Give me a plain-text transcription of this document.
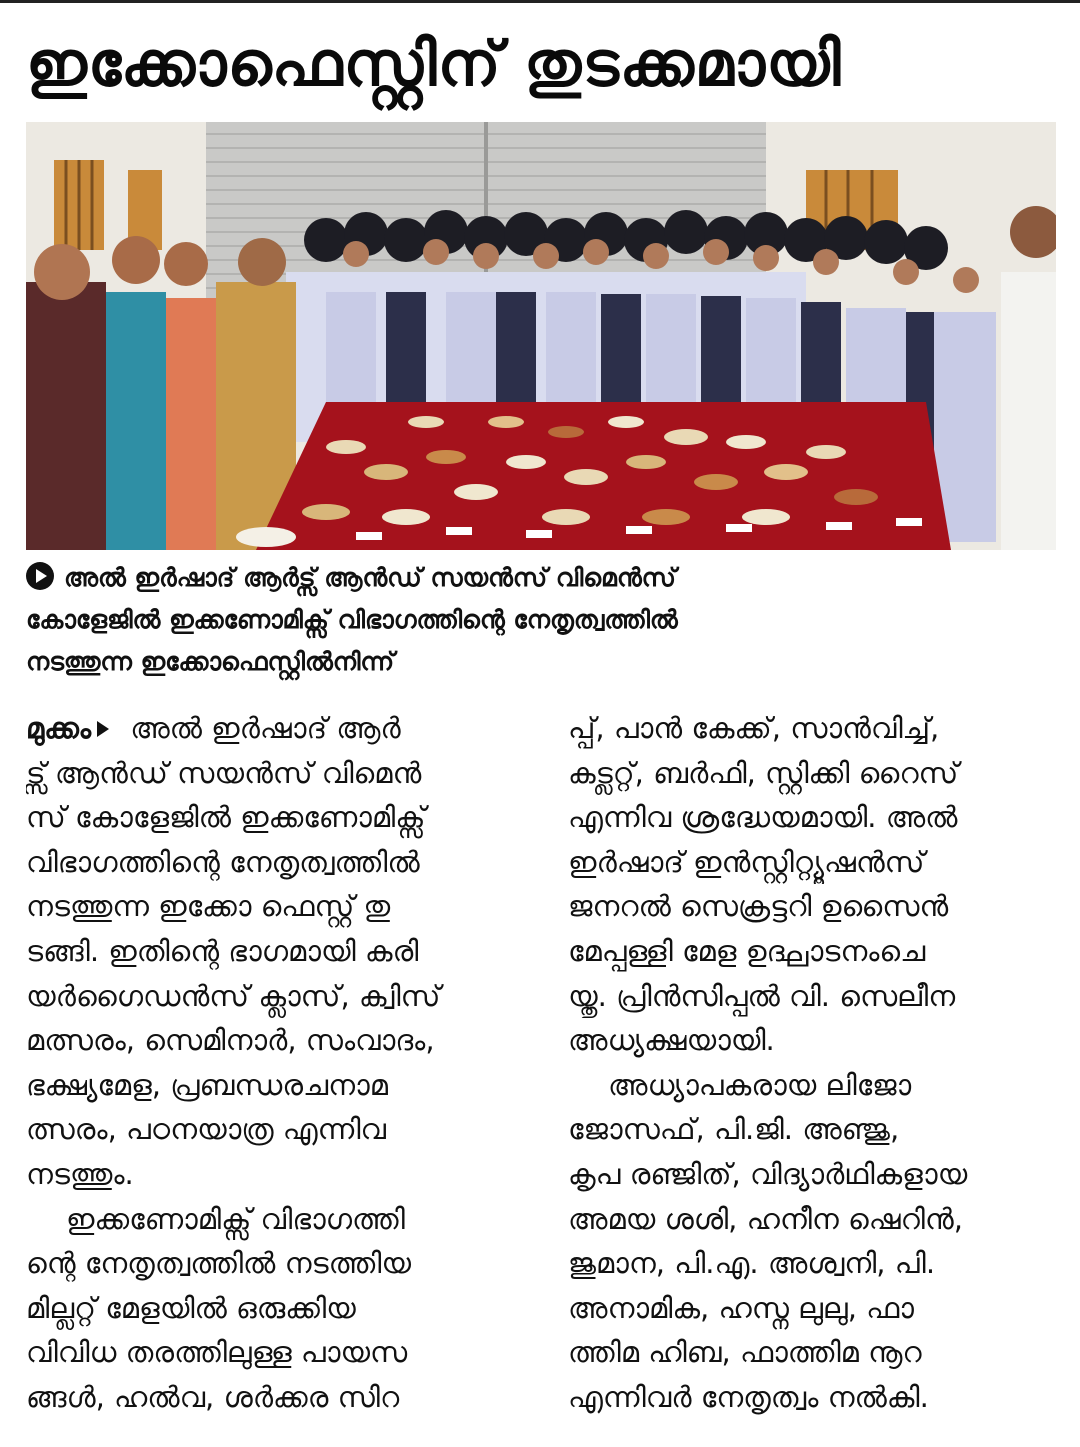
ഇക്കോഫെസ്റ്റിന് തുടക്കമായി
അൽ ഇർഷാദ് ആർട്സ് ആൻഡ് സയൻസ് വിമെൻസ്
കോളേജിൽ ഇക്കണോമിക്സ് വിഭാഗത്തിന്റെ നേതൃത്വത്തിൽ
നടത്തുന്ന ഇക്കോഫെസ്റ്റിൽനിന്ന്
മുക്കം അൽ ഇർഷാദ് ആർ
ട്സ് ആൻഡ് സയൻസ് വിമെൻ
സ് കോളേജിൽ ഇക്കണോമിക്സ്
വിഭാഗത്തിന്റെ നേതൃത്വത്തിൽ
നടത്തുന്ന ഇക്കോ ഫെസ്റ്റ് തു
ടങ്ങി. ഇതിന്റെ ഭാഗമായി കരി
യർഗൈഡൻസ് ക്ലാസ്, ക്വിസ്
മത്സരം, സെമിനാർ, സംവാദം,
ഭക്ഷ്യമേള, പ്രബന്ധരചനാമ
ത്സരം, പഠനയാത്ര എന്നിവ
നടത്തും.
ഇക്കണോമിക്സ് വിഭാഗത്തി
ന്റെ നേതൃത്വത്തിൽ നടത്തിയ
മില്ലറ്റ് മേളയിൽ ഒരുക്കിയ
വിവിധ തരത്തിലുള്ള പായസ
ങ്ങൾ, ഹൽവ, ശർക്കര സിറ
പ്പ്, പാൻ കേക്ക്, സാൻവിച്ച്,
കട്ലറ്റ്, ബർഫി, സ്റ്റിക്കി റൈസ്
എന്നിവ ശ്രദ്ധേയമായി. അൽ
ഇർഷാദ് ഇൻസ്റ്റിറ്റ്യൂഷൻസ്
ജനറൽ സെക്രട്ടറി ഉസൈൻ
മേപ്പള്ളി മേള ഉദ്ഘാടനംചെ
യ്തു. പ്രിൻസിപ്പൽ വി. സെലീന
അധ്യക്ഷയായി.
അധ്യാപകരായ ലിജോ
ജോസഫ്, പി.ജി. അഞ്ജു,
കൃപ രഞ്ജിത്, വിദ്യാർഥികളായ
അമയ ശശി, ഹനീന ഷെറിൻ,
ജുമാന, പി.എ. അശ്വനി, പി.
അനാമിക, ഹസ്ന ലുലു, ഫാ
ത്തിമ ഹിബ, ഫാത്തിമ നൂറ
എന്നിവർ നേതൃത്വം നൽകി.
